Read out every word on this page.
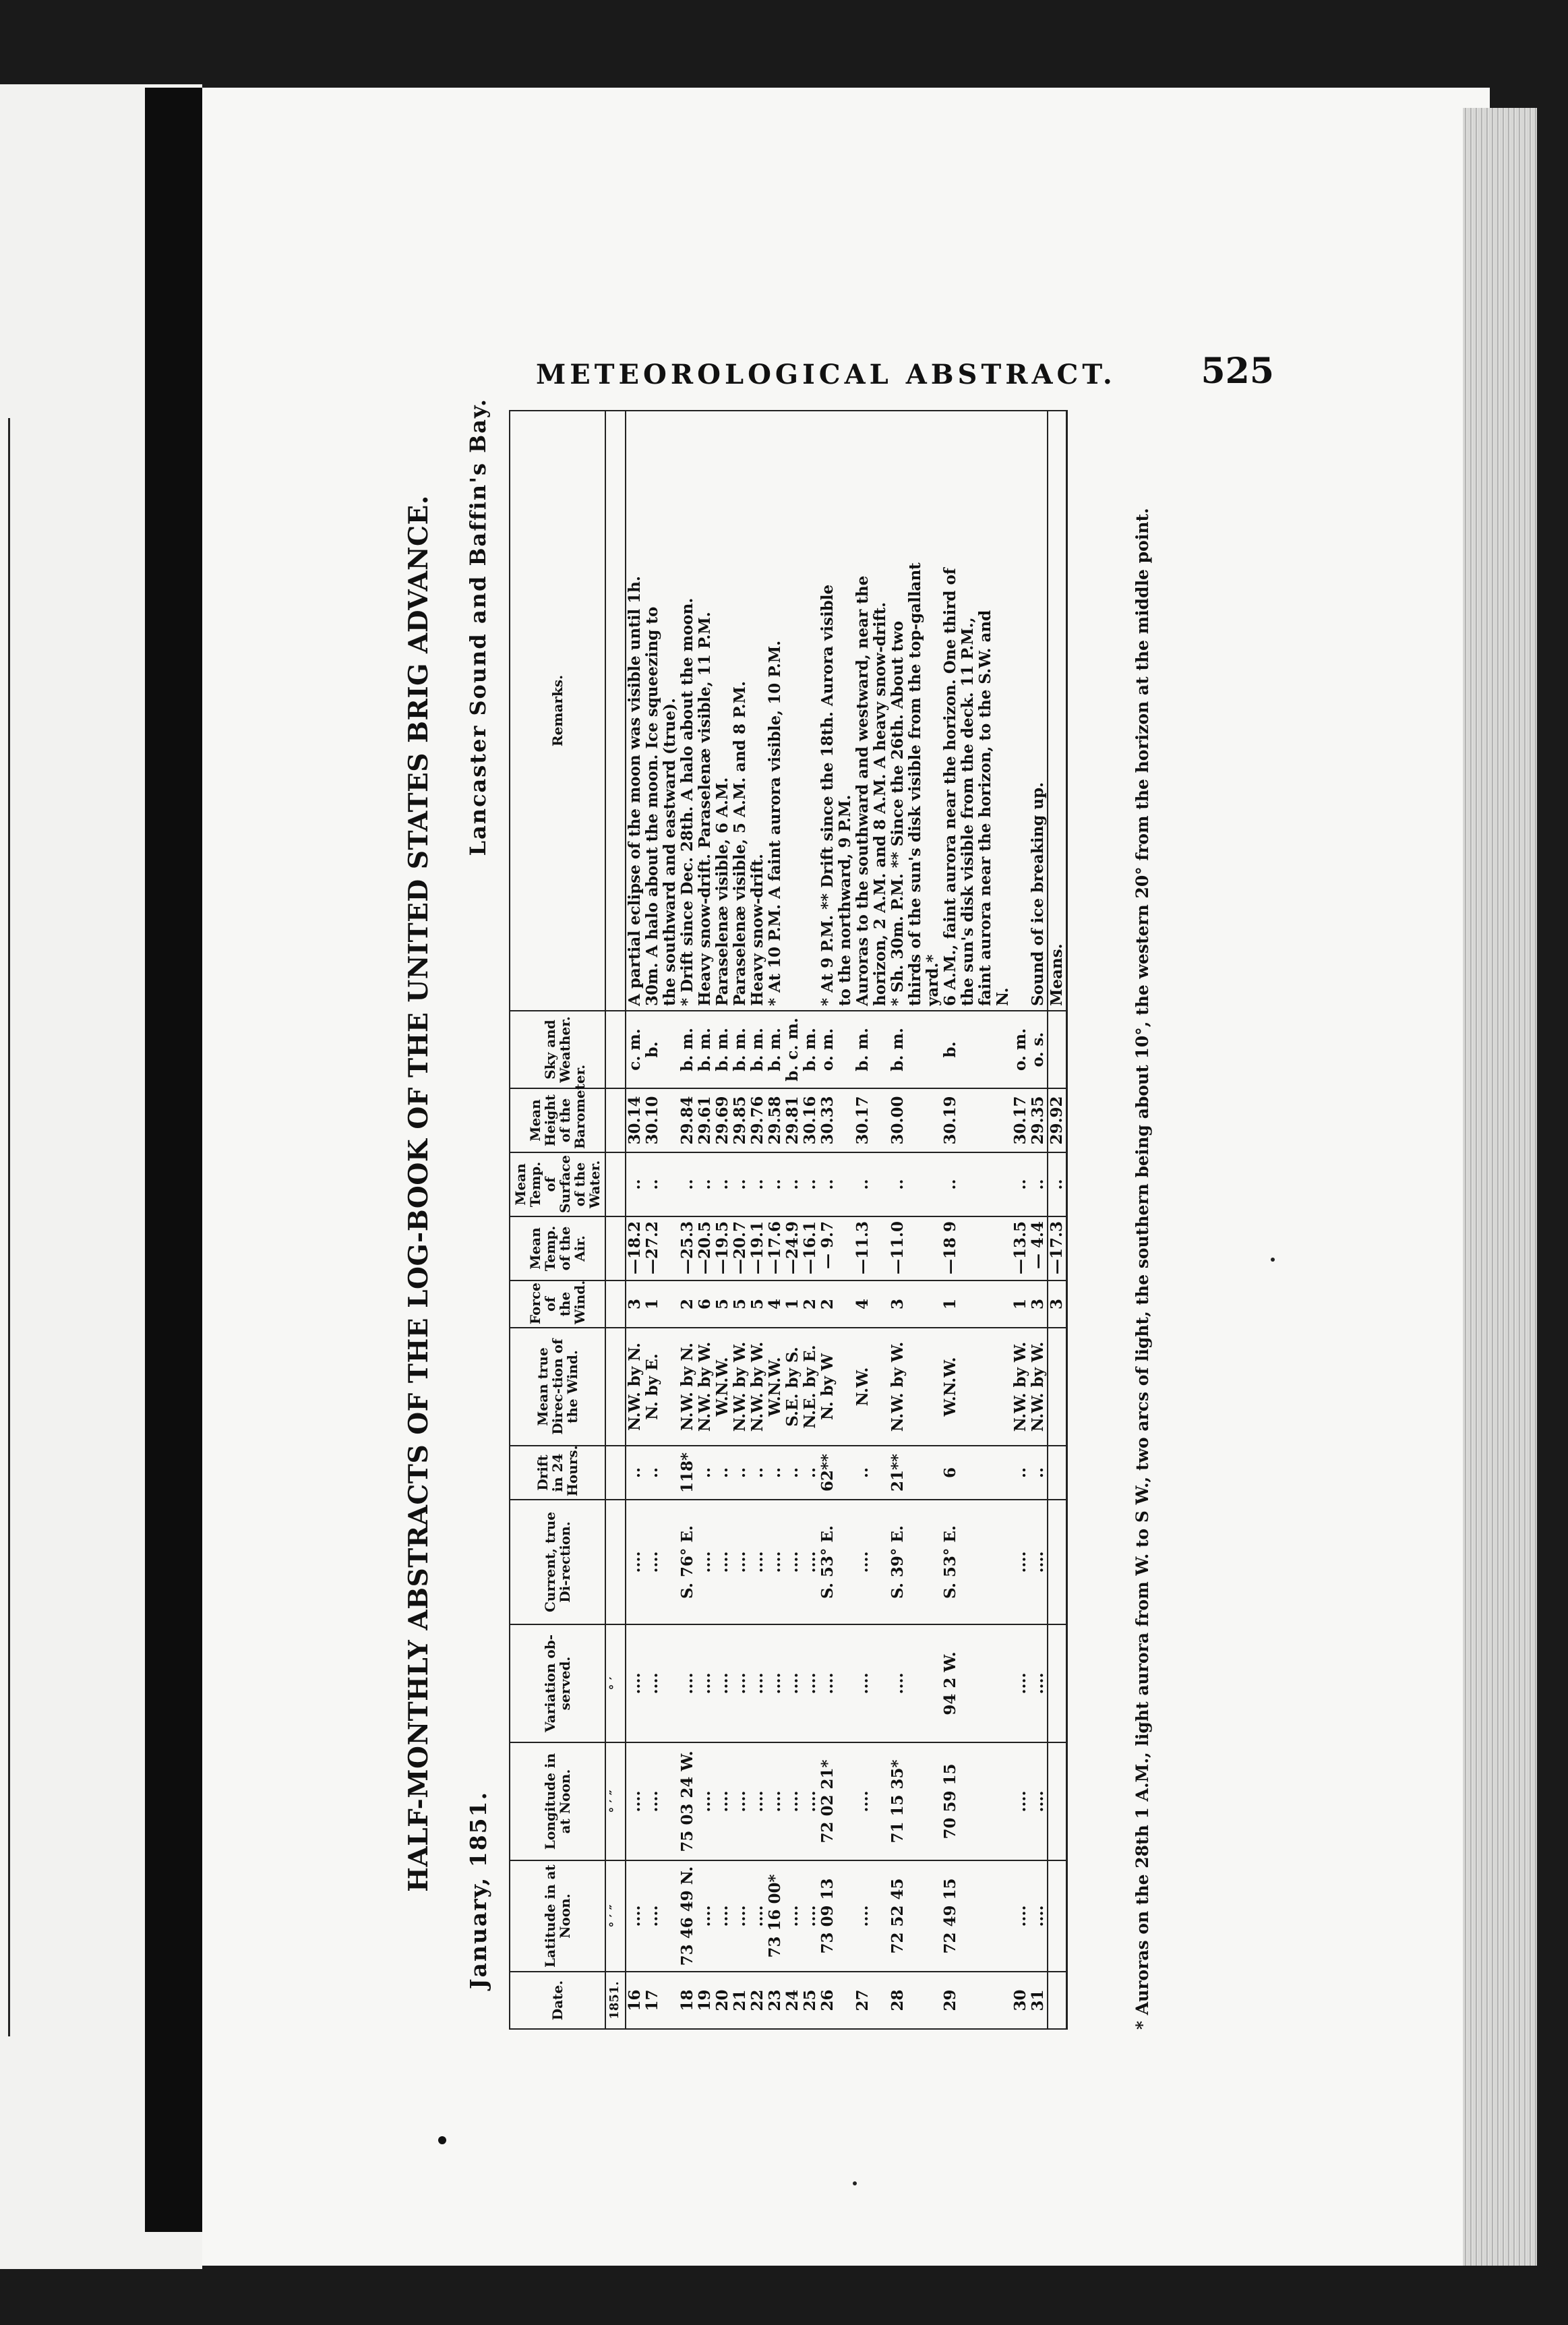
METEOROLOGICAL ABSTRACT.	525
HALF-MONTHLY ABSTRACTS OF THE LOG-BOOK OF THE UNITED STATES BRIG ADVANCE. January, 1851.
Lancaster Sound and Baffin's Bay.
Date.	Latitude in at Noon.	Longitude in at Noon.	Variation ob-served.	Current, true Di-rection.	Drift in 24 Hours.	Mean true Direc-tion of the Wind.	Force of the Wind.	Mean Temp. of the Air.	Mean Temp. of Surface of the Water.	Mean Height of the Barometer.	Sky and Weather.	Remarks.
1851.	° ′ ″	° ′ ″	° ′									
16	....	....	....	....	..	N.W. by N.	3	—18.2	..	30.14	c. m.	A partial eclipse of the moon was visible until 1h.
17	....	....	....	....	..	N. by E.	1	—27.2	..	30.10	b.	30m. A halo about the moon. Ice squeezing to
												the southward and eastward (true).
18	73 46 49 N.	75 03 24 W.	....	S. 76° E.	118*	N.W. by N.	2	—25.3	..	29.84	b. m.	* Drift since Dec. 28th. A halo about the moon.
19	....	....	....	....	..	N.W. by W.	6	—20.5	..	29.61	b. m.	Heavy snow-drift. Paraselenæ visible, 11 P.M.
20	....	....	....	....	..	W.N.W.	5	—19.5	..	29.69	b. m.	Paraselenæ visible, 6 A.M.
21	....	....	....	....	..	N.W. by W.	5	—20.7	..	29.85	b. m.	Paraselenæ visible, 5 A.M. and 8 P.M.
22	....	....	....	....	..	N.W. by W.	5	—19.1	..	29.76	b. m.	Heavy snow-drift.
23	73 16 00*	....	....	....	..	W.N.W.	4	—17.6	..	29.58	b. m.	* At 10 P.M. A faint aurora visible, 10 P.M.
24	....	....	....	....	..	S.E. by S.	1	—24.9	..	29.81	b. c. m.	
25	....	....	....	....	..	N.E. by E.	2	—16.1	..	30.16	b. m.	
26	73 09 13	72 02 21*	....	S. 53° E.	62**	N. by W	2	— 9.7	..	30.33	o. m.	* At 9 P.M. ** Drift since the 18th. Aurora visible
												to the northward, 9 P.M.
27	....	....	....	....	..	N.W.	4	—11.3	..	30.17	b. m.	Auroras to the southward and westward, near the
												horizon, 2 A.M. and 8 A.M. A heavy snow-drift.
28	72 52 45	71 15 35*	....	S. 39° E.	21**	N.W. by W.	3	—11.0	..	30.00	b. m.	* Sh. 30m. P.M. ** Since the 26th. About two
												thirds of the sun's disk visible from the top-gallant
												yard.*
29	72 49 15	70 59 15	94 2 W.	S. 53° E.	6	W.N.W.	1	—18 9	..	30.19	b.	6 A.M., faint aurora near the horizon. One third of
												the sun's disk visible from the deck. 11 P.M.,
												faint aurora near the horizon, to the S.W. and
												N.
30	....	....	....	....	..	N.W. by W.	1	—13.5	..	30.17	o. m.	
31	....	....	....	....	..	N.W. by W.	3	— 4.4	..	29.35	o. s.	Sound of ice breaking up.
							3	—17.3	..	29.92		Means.	* Auroras on the 28th 1 A.M., light aurora from W. to S W., two arcs of light, the southern being about 10°, the western 20° from the horizon at the middle point.
